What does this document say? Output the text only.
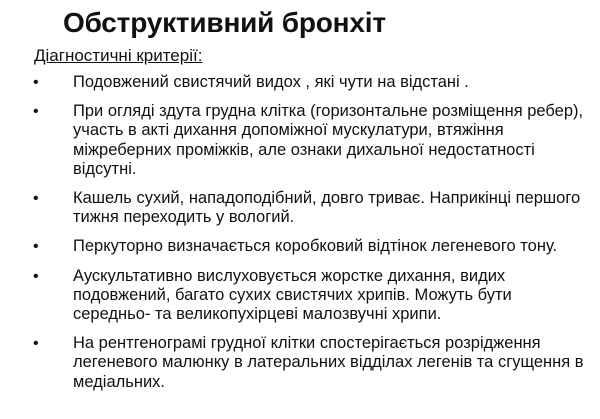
Обструктивний бронхіт
Діагностичні критерії:
• Подовжений свистячий видох , які чути на відстані .
• При огляді здута грудна клітка (горизонтальне розміщення ребер), участь в акті дихання допоміжної мускулатури, втяжіння міжреберних проміжків, але ознаки дихальної недостатності відсутні.
• Кашель сухий, нападоподібний, довго триває. Наприкінці першого тижня переходить у вологий.
• Перкуторно визначається коробковий відтінок легеневого тону.
• Аускультативно вислуховується жорстке дихання, видих подовжений, багато сухих свистячих хрипів. Можуть бути середньо- та великопухірцеві малозвучні хрипи.
• На рентгенограмі грудної клітки спостерігається розрідження легеневого малюнку в латеральних відділах легенів та сгущення в медіальних.
